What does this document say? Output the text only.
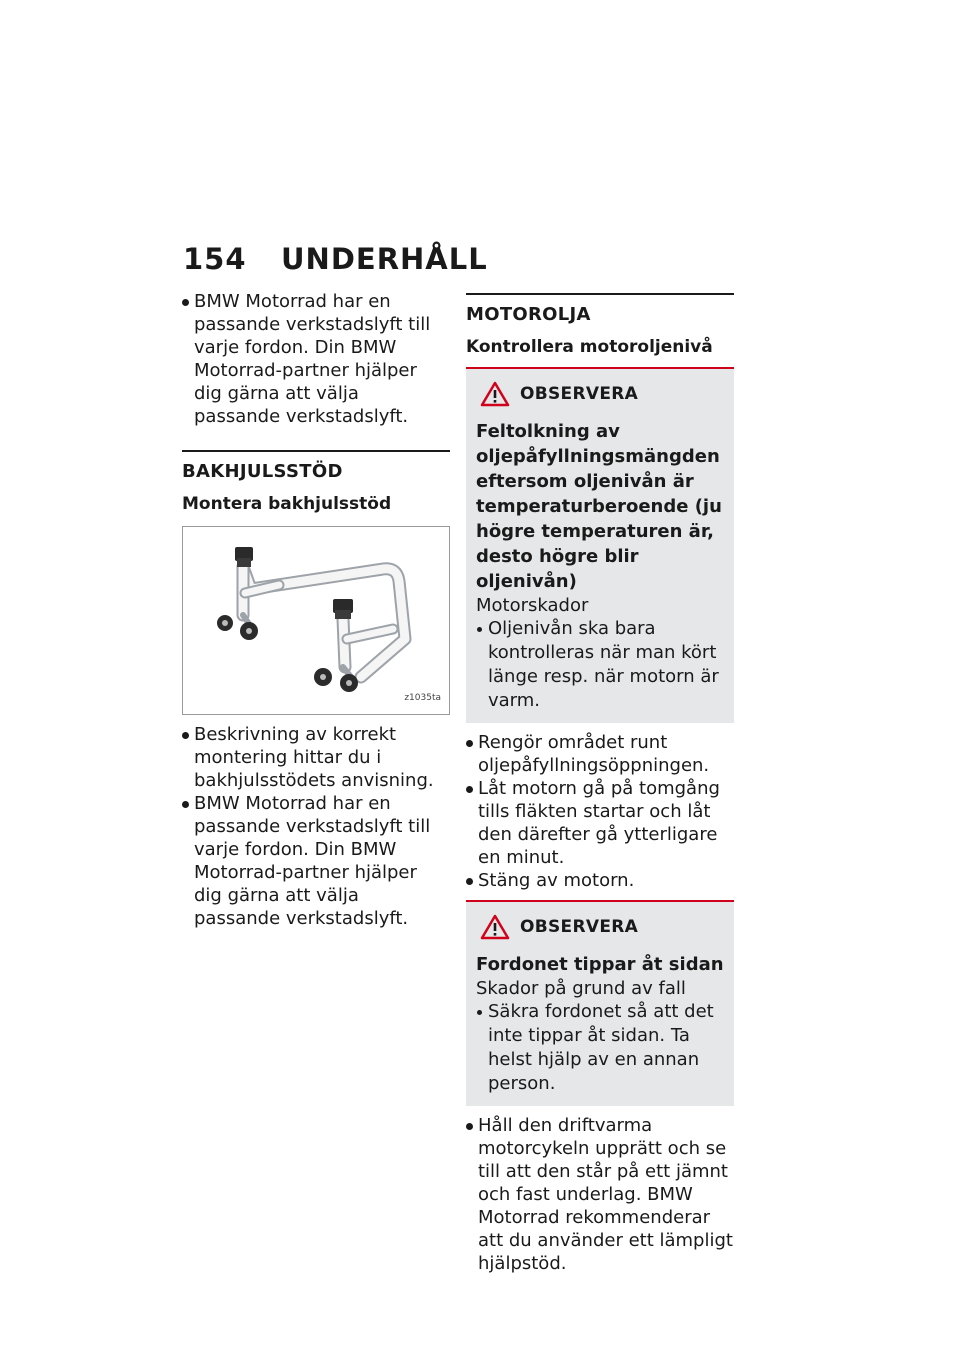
154 UNDERHÅLL
BMW Motorrad har en passande verkstadslyft till varje fordon. Din BMW Motorrad-partner hjälper dig gärna att välja passande verkstadslyft.
BAKHJULSSTÖD
Montera bakhjulsstöd
z1035ta
Beskrivning av korrekt montering hittar du i bakhjulsstödets anvisning.
BMW Motorrad har en passande verkstadslyft till varje fordon. Din BMW Motorrad-partner hjälper dig gärna att välja passande verkstadslyft.
MOTOROLJA
Kontrollera motoroljenivå
OBSERVERA
Feltolkning av oljepåfyllningsmängden eftersom oljenivån är temperaturberoende (ju högre temperaturen är, desto högre blir oljenivån)
Motorskador
Oljenivån ska bara kontrolleras när man kört länge resp. när motorn är varm.
Rengör området runt oljepåfyllningsöppningen.
Låt motorn gå på tomgång tills fläkten startar och låt den därefter gå ytterligare en minut.
Stäng av motorn.
OBSERVERA
Fordonet tippar åt sidan
Skador på grund av fall
Säkra fordonet så att det inte tippar åt sidan. Ta helst hjälp av en annan person.
Håll den driftvarma motorcykeln upprätt och se till att den står på ett jämnt och fast underlag. BMW Motorrad rekommenderar att du använder ett lämpligt hjälpstöd.
